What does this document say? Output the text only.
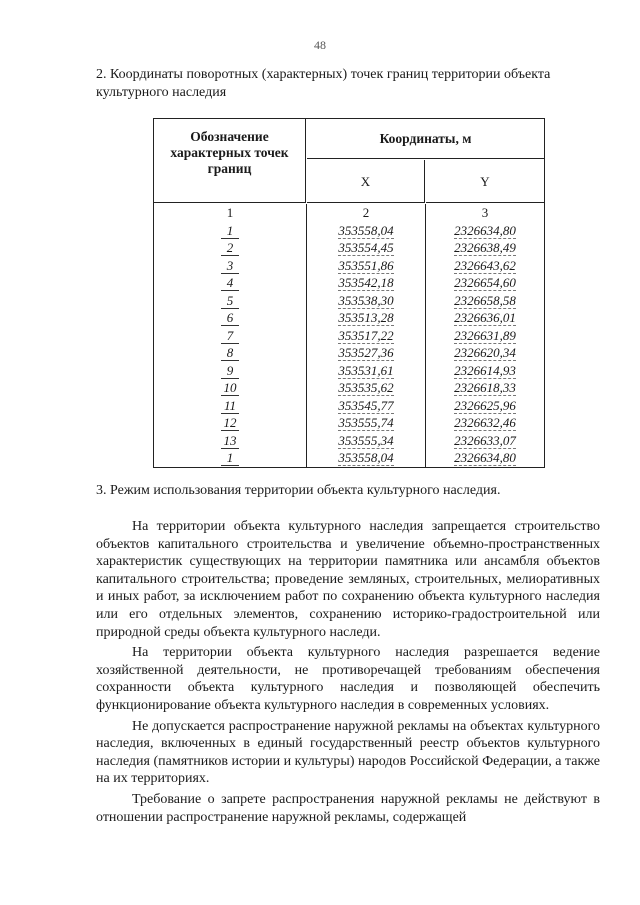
48
2. Координаты поворотных (характерных) точек границ территории объекта культурного наследия
Обозначение характерных точек границ
Координаты, м
X	Y
1	2	3
1	353558,04	2326634,80
2	353554,45	2326638,49
3	353551,86	2326643,62
4	353542,18	2326654,60
5	353538,30	2326658,58
6	353513,28	2326636,01
7	353517,22	2326631,89
8	353527,36	2326620,34
9	353531,61	2326614,93
10	353535,62	2326618,33
11	353545,77	2326625,96
12	353555,74	2326632,46
13	353555,34	2326633,07
1	353558,04	2326634,80
3. Режим использования территории объекта культурного наследия.

На территории объекта культурного наследия запрещается строительство объектов капитального строительства и увеличение объемно-пространственных характеристик существующих на территории памятника или ансамбля объектов капитального строительства; проведение земляных, строительных, мелиоративных и иных работ, за исключением работ по сохранению объекта культурного наследия или его отдельных элементов, сохранению историко-градостроительной или природной среды объекта культурного наследи.

На территории объекта культурного наследия разрешается ведение хозяйственной деятельности, не противоречащей требованиям обеспечения сохранности объекта культурного наследия и позволяющей обеспечить функционирование объекта культурного наследия в современных условиях.

Не допускается распространение наружной рекламы на объектах культурного наследия, включенных в единый государственный реестр объектов культурного наследия (памятников истории и культуры) народов Российской Федерации, а также на их территориях.

Требование о запрете распространения наружной рекламы не действуют в отношении распространение наружной рекламы, содержащей
